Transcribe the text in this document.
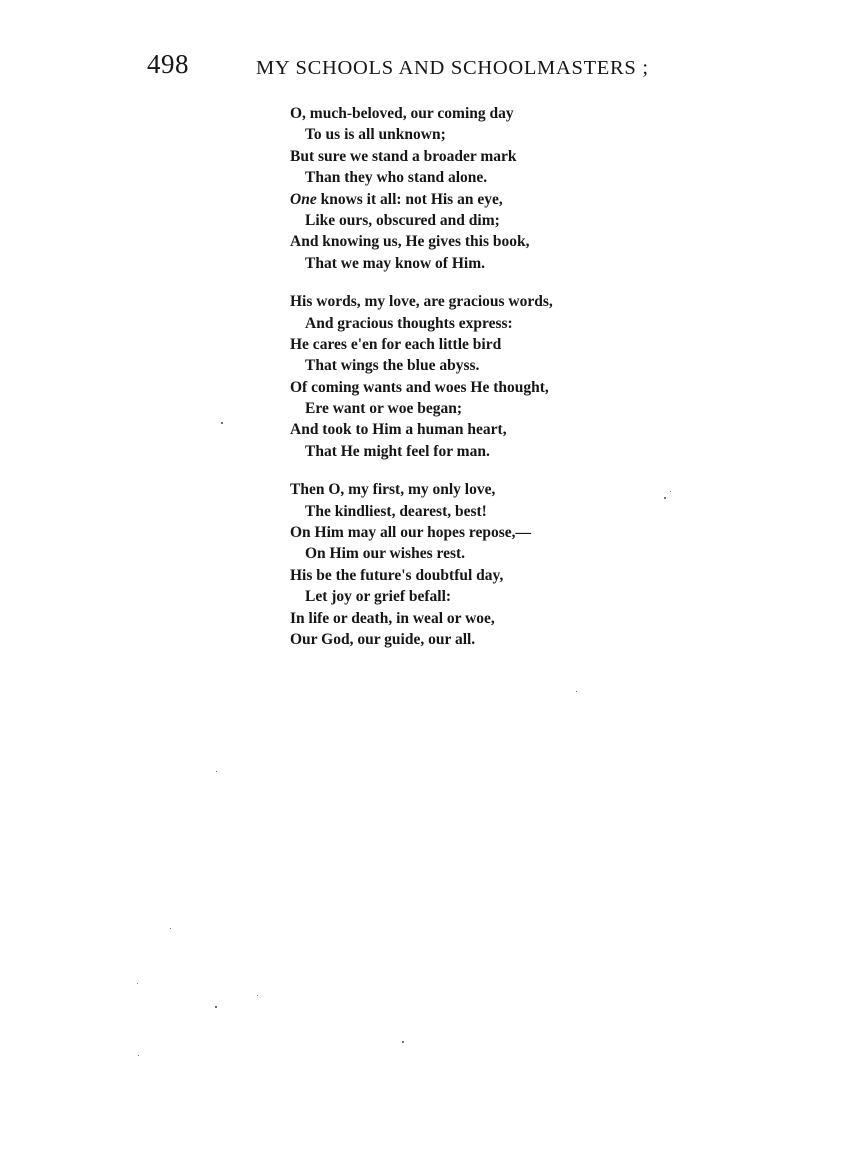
498	MY SCHOOLS AND SCHOOLMASTERS ;
O, much-beloved, our coming day
To us is all unknown;
But sure we stand a broader mark
Than they who stand alone.
One knows it all: not His an eye,
Like ours, obscured and dim;
And knowing us, He gives this book,
That we may know of Him.
His words, my love, are gracious words,
And gracious thoughts express:
He cares e'en for each little bird
That wings the blue abyss.
Of coming wants and woes He thought,
Ere want or woe began;
And took to Him a human heart,
That He might feel for man.
Then O, my first, my only love,
The kindliest, dearest, best!
On Him may all our hopes repose,—
On Him our wishes rest.
His be the future's doubtful day,
Let joy or grief befall:
In life or death, in weal or woe,
Our God, our guide, our all.
